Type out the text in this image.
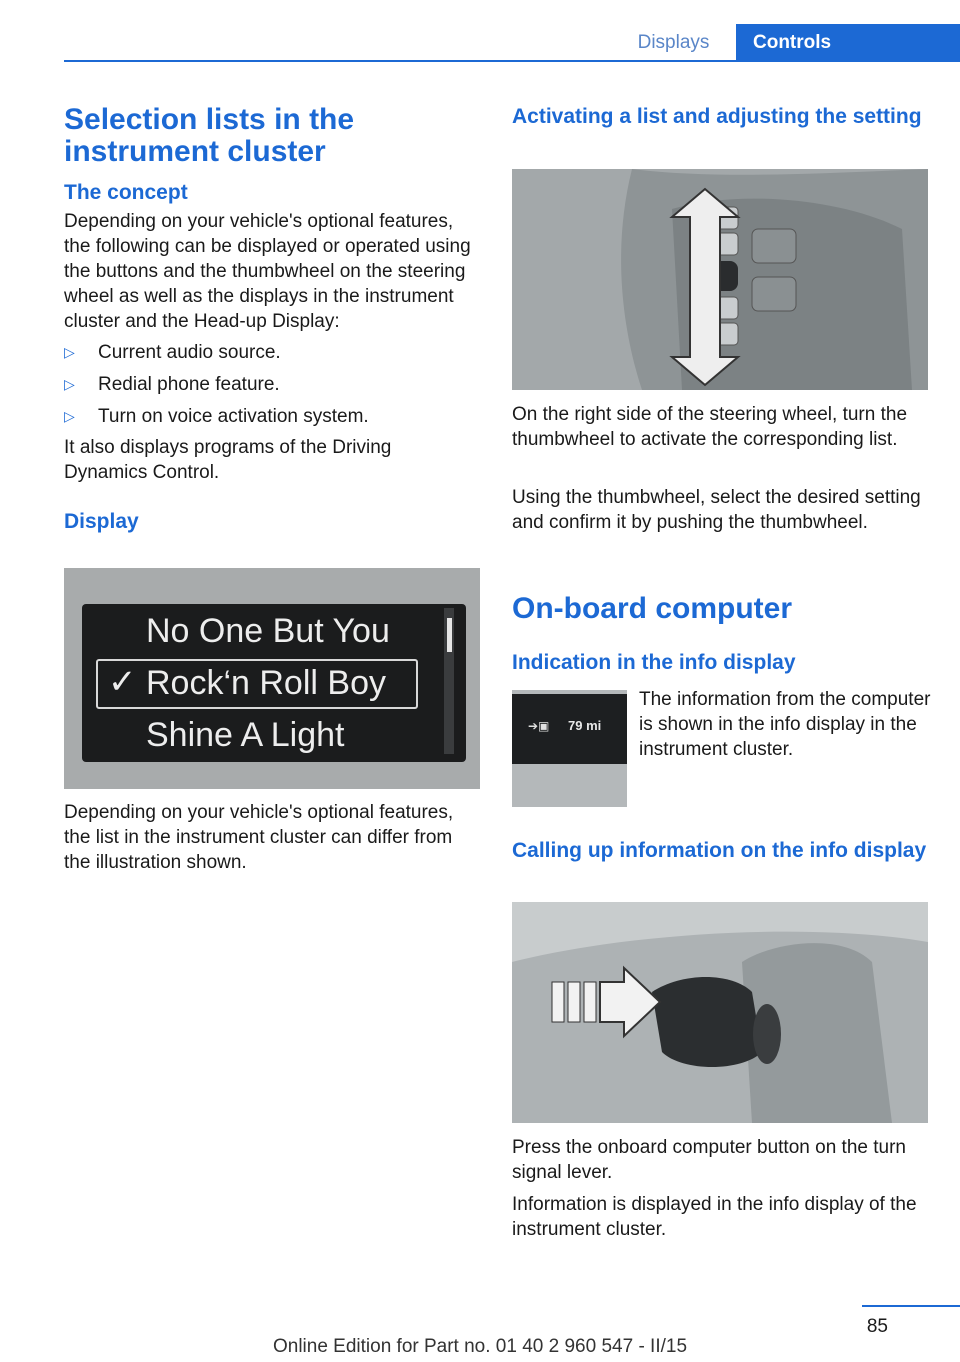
Displays	Controls
Selection lists in the instrument cluster
The concept

Depending on your vehicle's optional features, the following can be displayed or operated using the buttons and the thumbwheel on the steering wheel as well as the displays in the instrument cluster and the Head-up Display:

▷	Current audio source.
▷	Redial phone feature.
▷	Turn on voice activation system.

It also displays programs of the Driving Dynamics Control.

Display
No One But You
✓ Rock‘n Roll Boy
Shine A Light

Depending on your vehicle's optional features, the list in the instrument cluster can differ from the illustration shown.

Activating a list and adjusting the setting

On the right side of the steering wheel, turn the thumbwheel to activate the corresponding list.

Using the thumbwheel, select the desired setting and confirm it by pushing the thumbwheel.

On-board computer
Indication in the info display
➔▣ 79 mi

The information from the computer is shown in the info display in the instrument cluster.

Calling up information on the info display

Press the onboard computer button on the turn signal lever.

Information is displayed in the info display of the instrument cluster.

85
Online Edition for Part no. 01 40 2 960 547 - II/15
